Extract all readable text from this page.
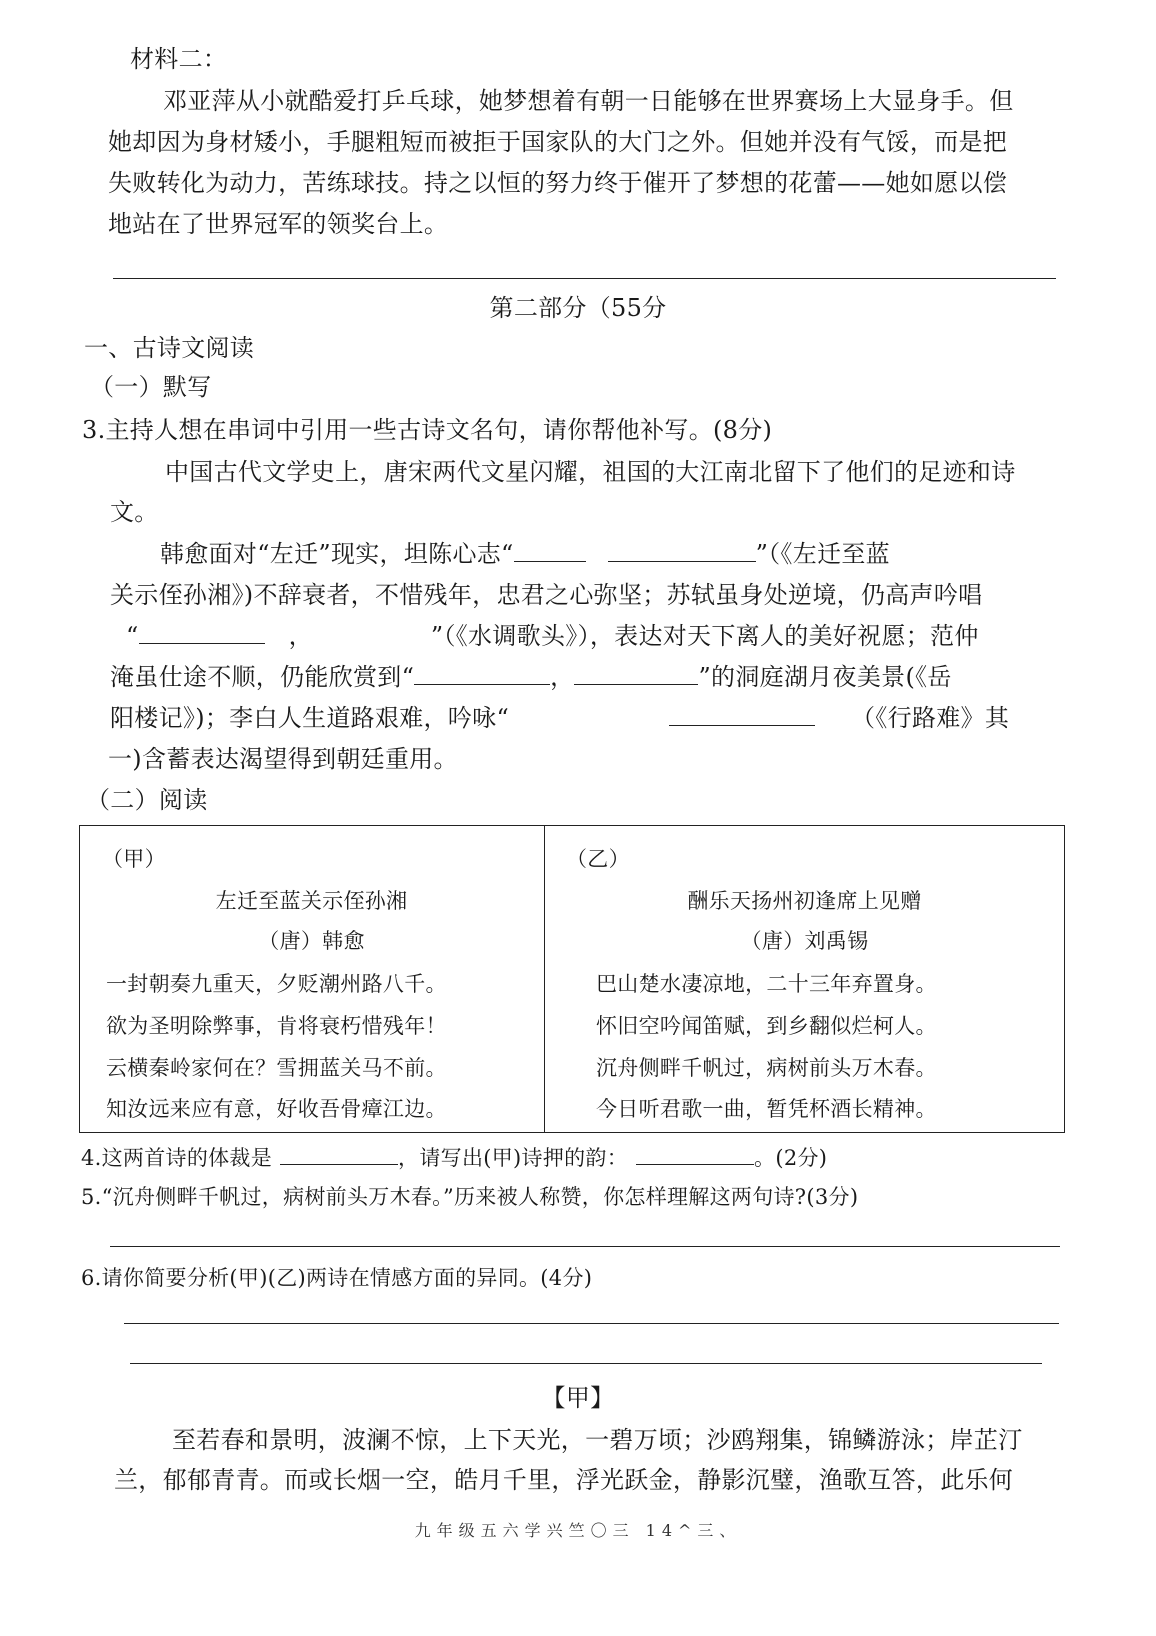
材料二：
邓亚萍从小就酷爱打乒乓球，她梦想着有朝一日能够在世界赛场上大显身手。但
她却因为身材矮小，手腿粗短而被拒于国家队的大门之外。但她并没有气馁，而是把
失败转化为动力，苦练球技。持之以恒的努力终于催开了梦想的花蕾——她如愿以偿
地站在了世界冠军的领奖台上。
第二部分（55分
一、古诗文阅读
（一）默写
3.主持人想在串词中引用一些古诗文名句，请你帮他补写。(8分)
中国古代文学史上，唐宋两代文星闪耀，祖国的大江南北留下了他们的足迹和诗
文。
韩愈面对“左迁”现实，坦陈心志“	”（《左迁至蓝
关示侄孙湘》)不辞衰者，不惜残年，忠君之心弥坚；苏轼虽身处逆境，仍高声吟唱
“	，	”（《水调歌头》），表达对天下离人的美好祝愿；范仲
淹虽仕途不顺，仍能欣赏到“	，	”的洞庭湖月夜美景(《岳
阳楼记》)；李白人生道路艰难，吟咏“	（《行路难》其
一)含蓄表达渴望得到朝廷重用。
（二）阅读
（甲）
左迁至蓝关示侄孙湘
（唐）韩愈
一封朝奏九重天，夕贬潮州路八千。
欲为圣明除弊事，肯将衰朽惜残年！
云横秦岭家何在？雪拥蓝关马不前。
知汝远来应有意，好收吾骨瘴江边。
（乙）
酬乐天扬州初逢席上见赠
（唐）刘禹锡
巴山楚水凄凉地，二十三年弃置身。
怀旧空吟闻笛赋，到乡翻似烂柯人。
沉舟侧畔千帆过，病树前头万木春。
今日听君歌一曲，暂凭杯酒长精神。
4.这两首诗的体裁是	，请写出(甲)诗押的韵：	。(2分)
5.“沉舟侧畔千帆过，病树前头万木春。”历来被人称赞，你怎样理解这两句诗?(3分)
6.请你简要分析(甲)(乙)两诗在情感方面的异同。(4分)
【甲】
至若春和景明，波澜不惊，上下天光，一碧万顷；沙鸥翔集，锦鳞游泳；岸芷汀
兰，郁郁青青。而或长烟一空，皓月千里，浮光跃金，静影沉璧，渔歌互答，此乐何
九年级五六学兴竺〇三 14^三、
